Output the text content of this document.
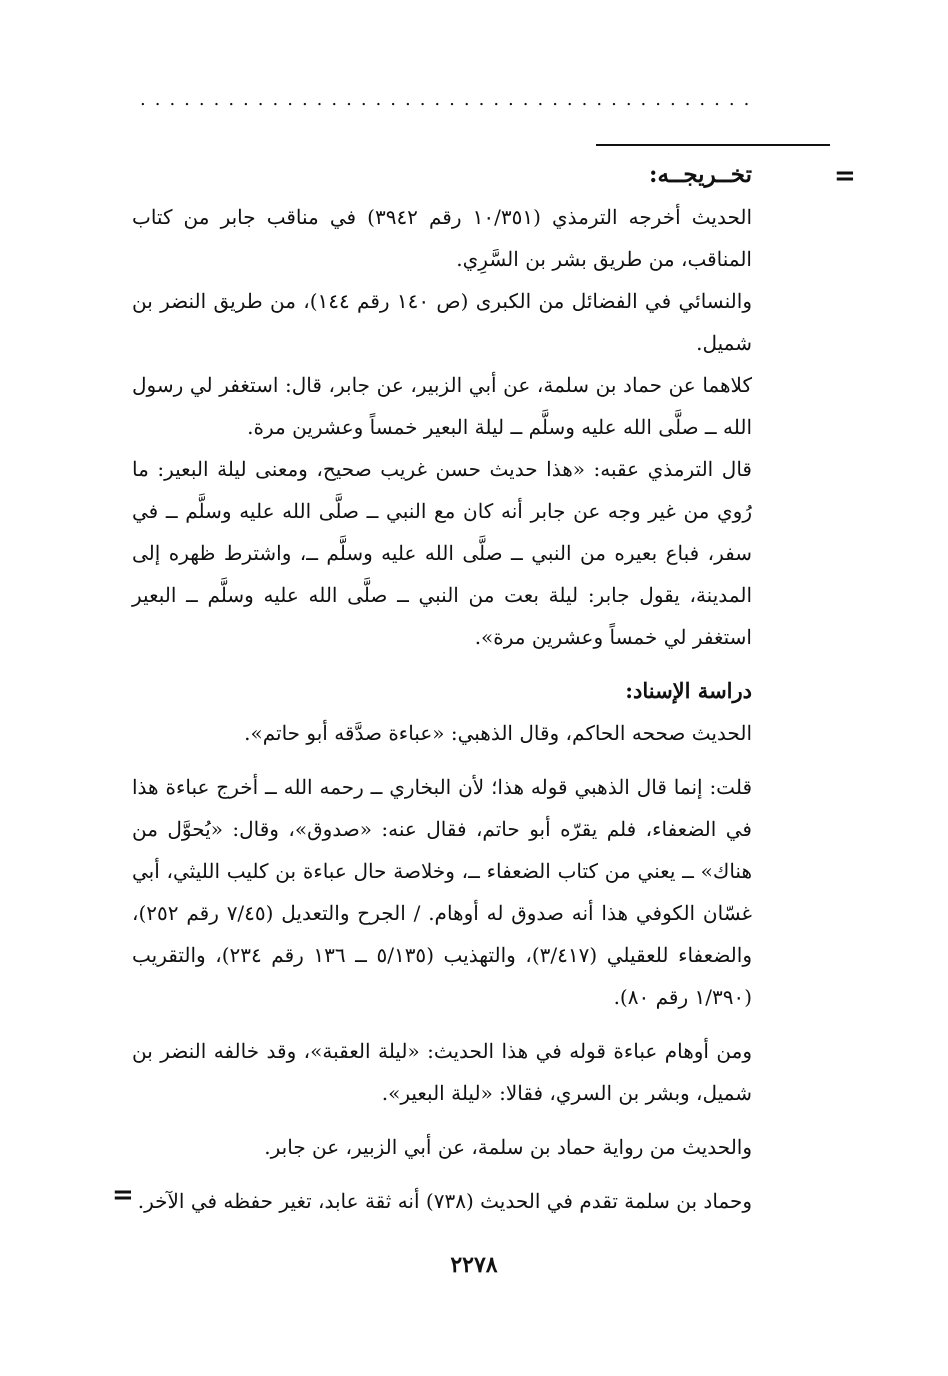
..........................................
=

تخــريجــه:

الحديث أخرجه الترمذي (١٠/٣٥١ رقم ٣٩٤٢) في مناقب جابر من كتاب المناقب، من طريق بشر بن السَّرِي.

والنسائي في الفضائل من الكبرى (ص ١٤٠ رقم ١٤٤)، من طريق النضر بن شميل.

كلاهما عن حماد بن سلمة، عن أبي الزبير، عن جابر، قال: استغفر لي رسول الله ــ صلَّى الله عليه وسلَّم ــ ليلة البعير خمساً وعشرين مرة.

قال الترمذي عقبه: «هذا حديث حسن غريب صحيح، ومعنى ليلة البعير: ما رُوي من غير وجه عن جابر أنه كان مع النبي ــ صلَّى الله عليه وسلَّم ــ في سفر، فباع بعيره من النبي ــ صلَّى الله عليه وسلَّم ــ، واشترط ظهره إلى المدينة، يقول جابر: ليلة بعت من النبي ــ صلَّى الله عليه وسلَّم ــ البعير استغفر لي خمساً وعشرين مرة».

دراسة الإسناد:

الحديث صححه الحاكم، وقال الذهبي: «عباءة صدَّقه أبو حاتم».

قلت: إنما قال الذهبي قوله هذا؛ لأن البخاري ــ رحمه الله ــ أخرج عباءة هذا في الضعفاء، فلم يقرّه أبو حاتم، فقال عنه: «صدوق»، وقال: «يُحوَّل من هناك» ــ يعني من كتاب الضعفاء ــ، وخلاصة حال عباءة بن كليب الليثي، أبي غسّان الكوفي هذا أنه صدوق له أوهام. / الجرح والتعديل (٧/٤٥ رقم ٢٥٢)، والضعفاء للعقيلي (٣/٤١٧)، والتهذيب (٥/١٣٥ ــ ١٣٦ رقم ٢٣٤)، والتقريب (١/٣٩٠ رقم ٨٠).

ومن أوهام عباءة قوله في هذا الحديث: «ليلة العقبة»، وقد خالفه النضر بن شميل، وبشر بن السري، فقالا: «ليلة البعير».

والحديث من رواية حماد بن سلمة، عن أبي الزبير، عن جابر.

وحماد بن سلمة تقدم في الحديث (٧٣٨) أنه ثقة عابد، تغير حفظه في الآخر.

=
٢٢٧٨
